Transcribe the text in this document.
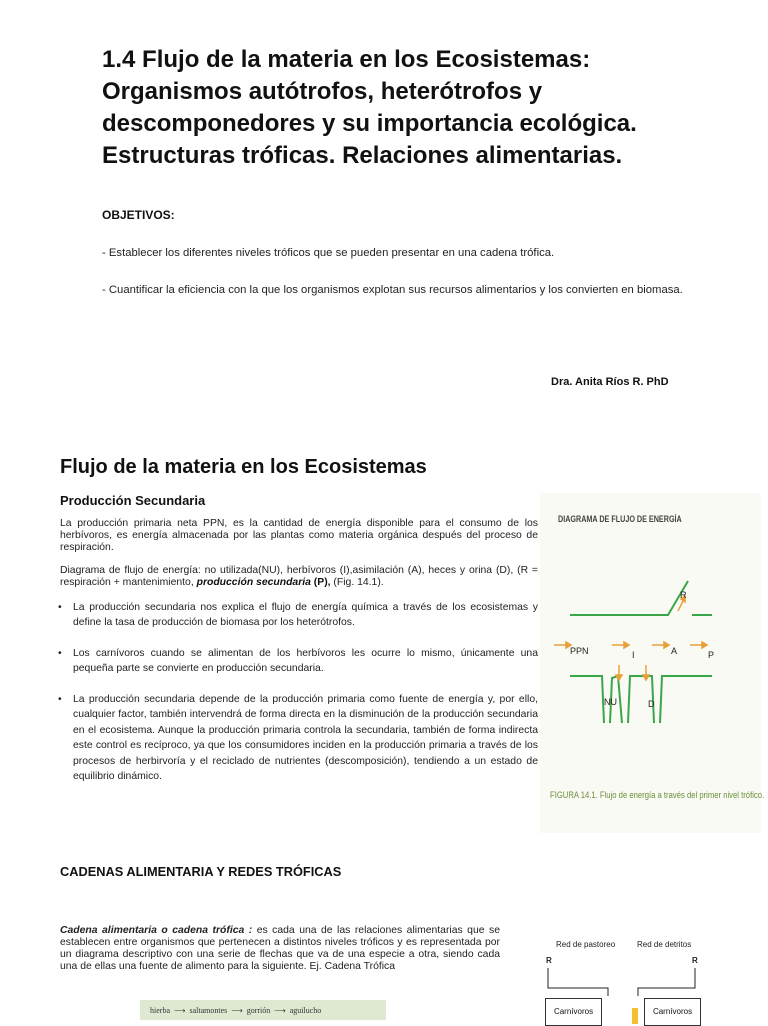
1.4 Flujo de la materia en los Ecosistemas: Organismos autótrofos, heterótrofos y descomponedores y su importancia ecológica. Estructuras tróficas. Relaciones alimentarias.
OBJETIVOS:
- Establecer los diferentes niveles tróficos que se pueden presentar en una cadena trófica.
- Cuantificar la eficiencia con la que los organismos explotan sus recursos alimentarios y los convierten en biomasa.
Dra. Anita Ríos R. PhD
Flujo de la materia en los Ecosistemas
Producción Secundaria
La producción primaria neta PPN, es la cantidad de energía disponible para el consumo de los herbívoros, es energía almacenada por las plantas como materia orgánica después del proceso de respiración.
Diagrama de flujo de energía: no utilizada(NU), herbívoros (I),asimilación (A), heces y orina (D), (R = respiración + mantenimiento, producción secundaria (P), (Fig. 14.1).
• La producción secundaria nos explica el flujo de energía química a través de los ecosistemas y define la tasa de producción de biomasa por los heterótrofos.
• Los carnívoros cuando se alimentan de los herbívoros les ocurre lo mismo, únicamente una pequeña parte se convierte en producción secundaria.
• La producción secundaria depende de la producción primaria como fuente de energía y, por ello, cualquier factor, también intervendrá de forma directa en la disminución de la producción secundaria en el ecosistema. Aunque la producción primaria controla la secundaria, también de forma indirecta este control es recíproco, ya que los consumidores inciden en la producción primaria a través de los procesos de herbirvoría y el reciclado de nutrientes (descomposición), tendiendo a un estado de equilibrio dinámico.
DIAGRAMA DE FLUJO DE ENERGÍA
PPN	I	A	P
R
NU	D
FIGURA 14.1. Flujo de energía a través del primer nivel trófico.
CADENAS ALIMENTARIA Y REDES TRÓFICAS
Cadena alimentaria o cadena trófica : es cada una de las relaciones alimentarias que se establecen entre organismos que pertenecen a distintos niveles tróficos y es representada por un diagrama descriptivo con una serie de flechas que va de una especie a otra, siendo cada una de ellas una fuente de alimento para la siguiente. Ej. Cadena Trófica
hierba ⟶ saltamontes ⟶ gorrión ⟶ aguilucho
Red de pastoreo	Red de detritos
R	R
Carnívoros	Carnívoros
